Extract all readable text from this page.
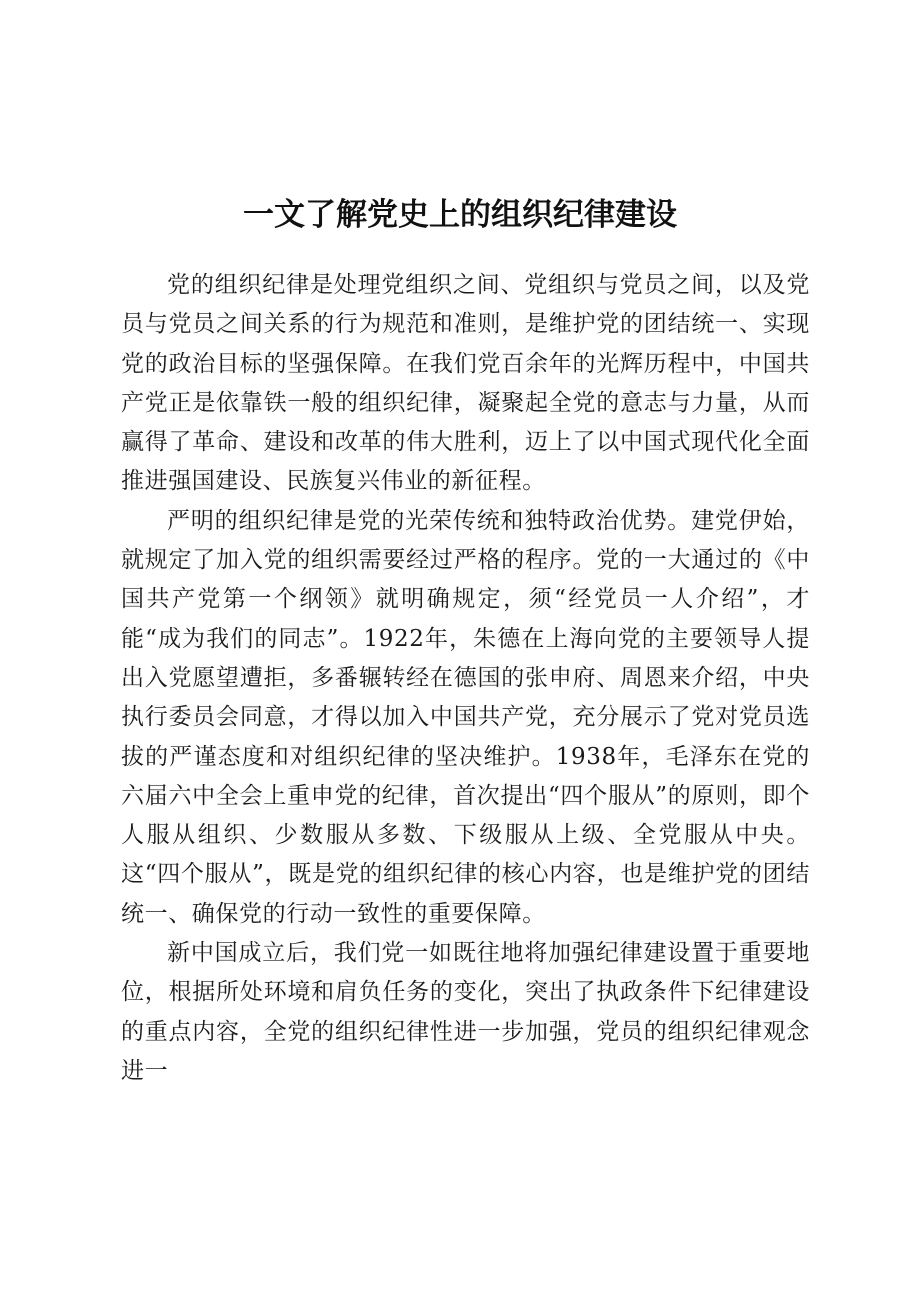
一文了解党史上的组织纪律建设

党的组织纪律是处理党组织之间、党组织与党员之间，以及党员与党员之间关系的行为规范和准则，是维护党的团结统一、实现党的政治目标的坚强保障。在我们党百余年的光辉历程中，中国共产党正是依靠铁一般的组织纪律，凝聚起全党的意志与力量，从而赢得了革命、建设和改革的伟大胜利，迈上了以中国式现代化全面推进强国建设、民族复兴伟业的新征程。

严明的组织纪律是党的光荣传统和独特政治优势。建党伊始，就规定了加入党的组织需要经过严格的程序。党的一大通过的《中国共产党第一个纲领》就明确规定，须“经党员一人介绍”，才能“成为我们的同志”。1922年，朱德在上海向党的主要领导人提出入党愿望遭拒，多番辗转经在德国的张申府、周恩来介绍，中央执行委员会同意，才得以加入中国共产党，充分展示了党对党员选拔的严谨态度和对组织纪律的坚决维护。1938年，毛泽东在党的六届六中全会上重申党的纪律，首次提出“四个服从”的原则，即个人服从组织、少数服从多数、下级服从上级、全党服从中央。这“四个服从”，既是党的组织纪律的核心内容，也是维护党的团结统一、确保党的行动一致性的重要保障。

新中国成立后，我们党一如既往地将加强纪律建设置于重要地位，根据所处环境和肩负任务的变化，突出了执政条件下纪律建设的重点内容，全党的组织纪律性进一步加强，党员的组织纪律观念进一
